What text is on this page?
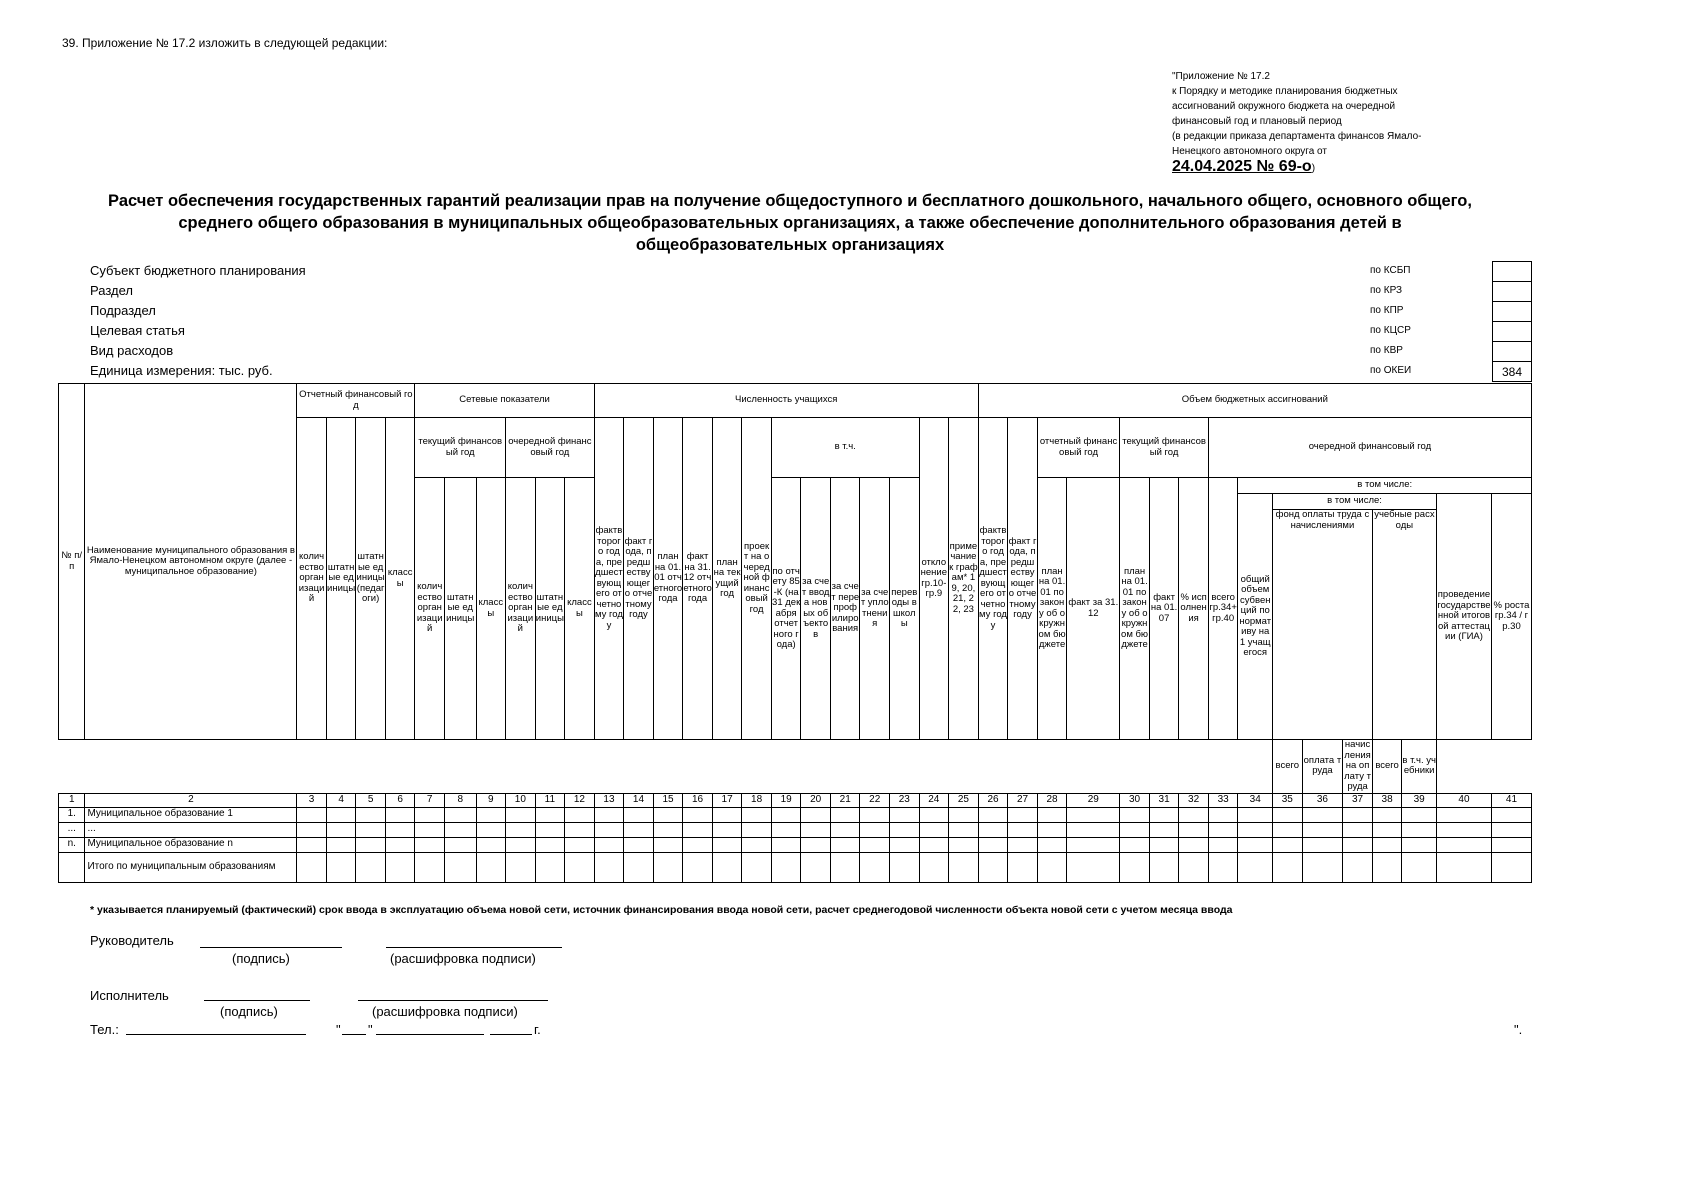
39. Приложение № 17.2 изложить в следующей редакции:
"Приложение № 17.2
к Порядку и методике планирования бюджетных
ассигнований окружного бюджета на очередной
финансовый год и плановый период
(в редакции приказа департамента финансов Ямало-
Ненецкого автономного округа от
24.04.2025 № 69-о)
Расчет обеспечения государственных гарантий реализации прав на получение общедоступного и бесплатного дошкольного, начального общего, основного общего, среднего общего образования в муниципальных общеобразовательных организациях, а также обеспечение дополнительного образования детей в общеобразовательных организациях
Субъект бюджетного планирования	по КСБП
Раздел	по КРЗ
Подраздел	по КПР
Целевая статья	по КЦСР
Вид расходов	по КВР
Единица измерения: тыс. руб.	по ОКЕИ	384
№ п/п	Наименование муниципального образования в Ямало-Ненецком автономном округе (далее - муниципальное образование)	Отчетный финансовый год				Сетевые показатели						Численность учащихся													Объем бюджетных ассигнований															
		количество организаций	штатные единицы	штатные единицы (педагоги)	классы	текущий финансовый год			очередной финансовый год			фактвторого года, предшествующего отчетному году	факт года, предшествующего отчетному году	план на 01.01 отчетного года	факт на 31.12 отчетного года	план на текущий год	проект на очередной финансовый год	в т.ч.					отклонение гр.10-гр.9	примечание к графам* 19, 20, 21, 22, 23	фактвторого года, предшествующего отчетному году	факт года, предшествующего отчетному году	отчетный финансовый год		текущий финансовый год			очередной финансовый год								
						количество организаций	штатные единицы	классы	количество организаций	штатные единицы	классы							по отчету 85-К (на 31 декабря отчетного года)	за счет ввода новых объектов	за счет перепрофилирования	за счет уплотнения	переводы в школы					план на 01.01 по закону об окружном бюджете	факт за 31.12	план на 01.01 по закону об окружном бюджете	факт на 01.07	% исполнения	всего гр.34+гр.40	в том числе:							
																																	общий объем субвенций по нормативу на 1 учащегося	в том числе:					проведение государственной итоговой аттестации (ГИА)	% роста гр.34 / гр.30
																																		фонд оплаты труда с начислениями			учебные расходы			
																																		всего	оплата труда	начисления на оплату труда	всего	в т.ч. учебники		
1	2	3	4	5	6	7	8	9	10	11	12	13	14	15	16	17	18	19	20	21	22	23	24	25	26	27	28	29	30	31	32	33	34	35	36	37	38	39	40	41
1.	Муниципальное образование 1																																							
...	...																																							
n.	Муниципальное образование n																																							
	Итого по муниципальным образованиям																																							
* указывается планируемый (фактический) срок ввода в эксплуатацию объема новой сети, источник финансирования ввода новой сети, расчет среднегодовой численности объекта новой сети с учетом месяца ввода
Руководитель
(подпись)	(расшифровка подписи)
Исполнитель
(подпись)	(расшифровка подписи)
Тел.:	" "	г.	".
